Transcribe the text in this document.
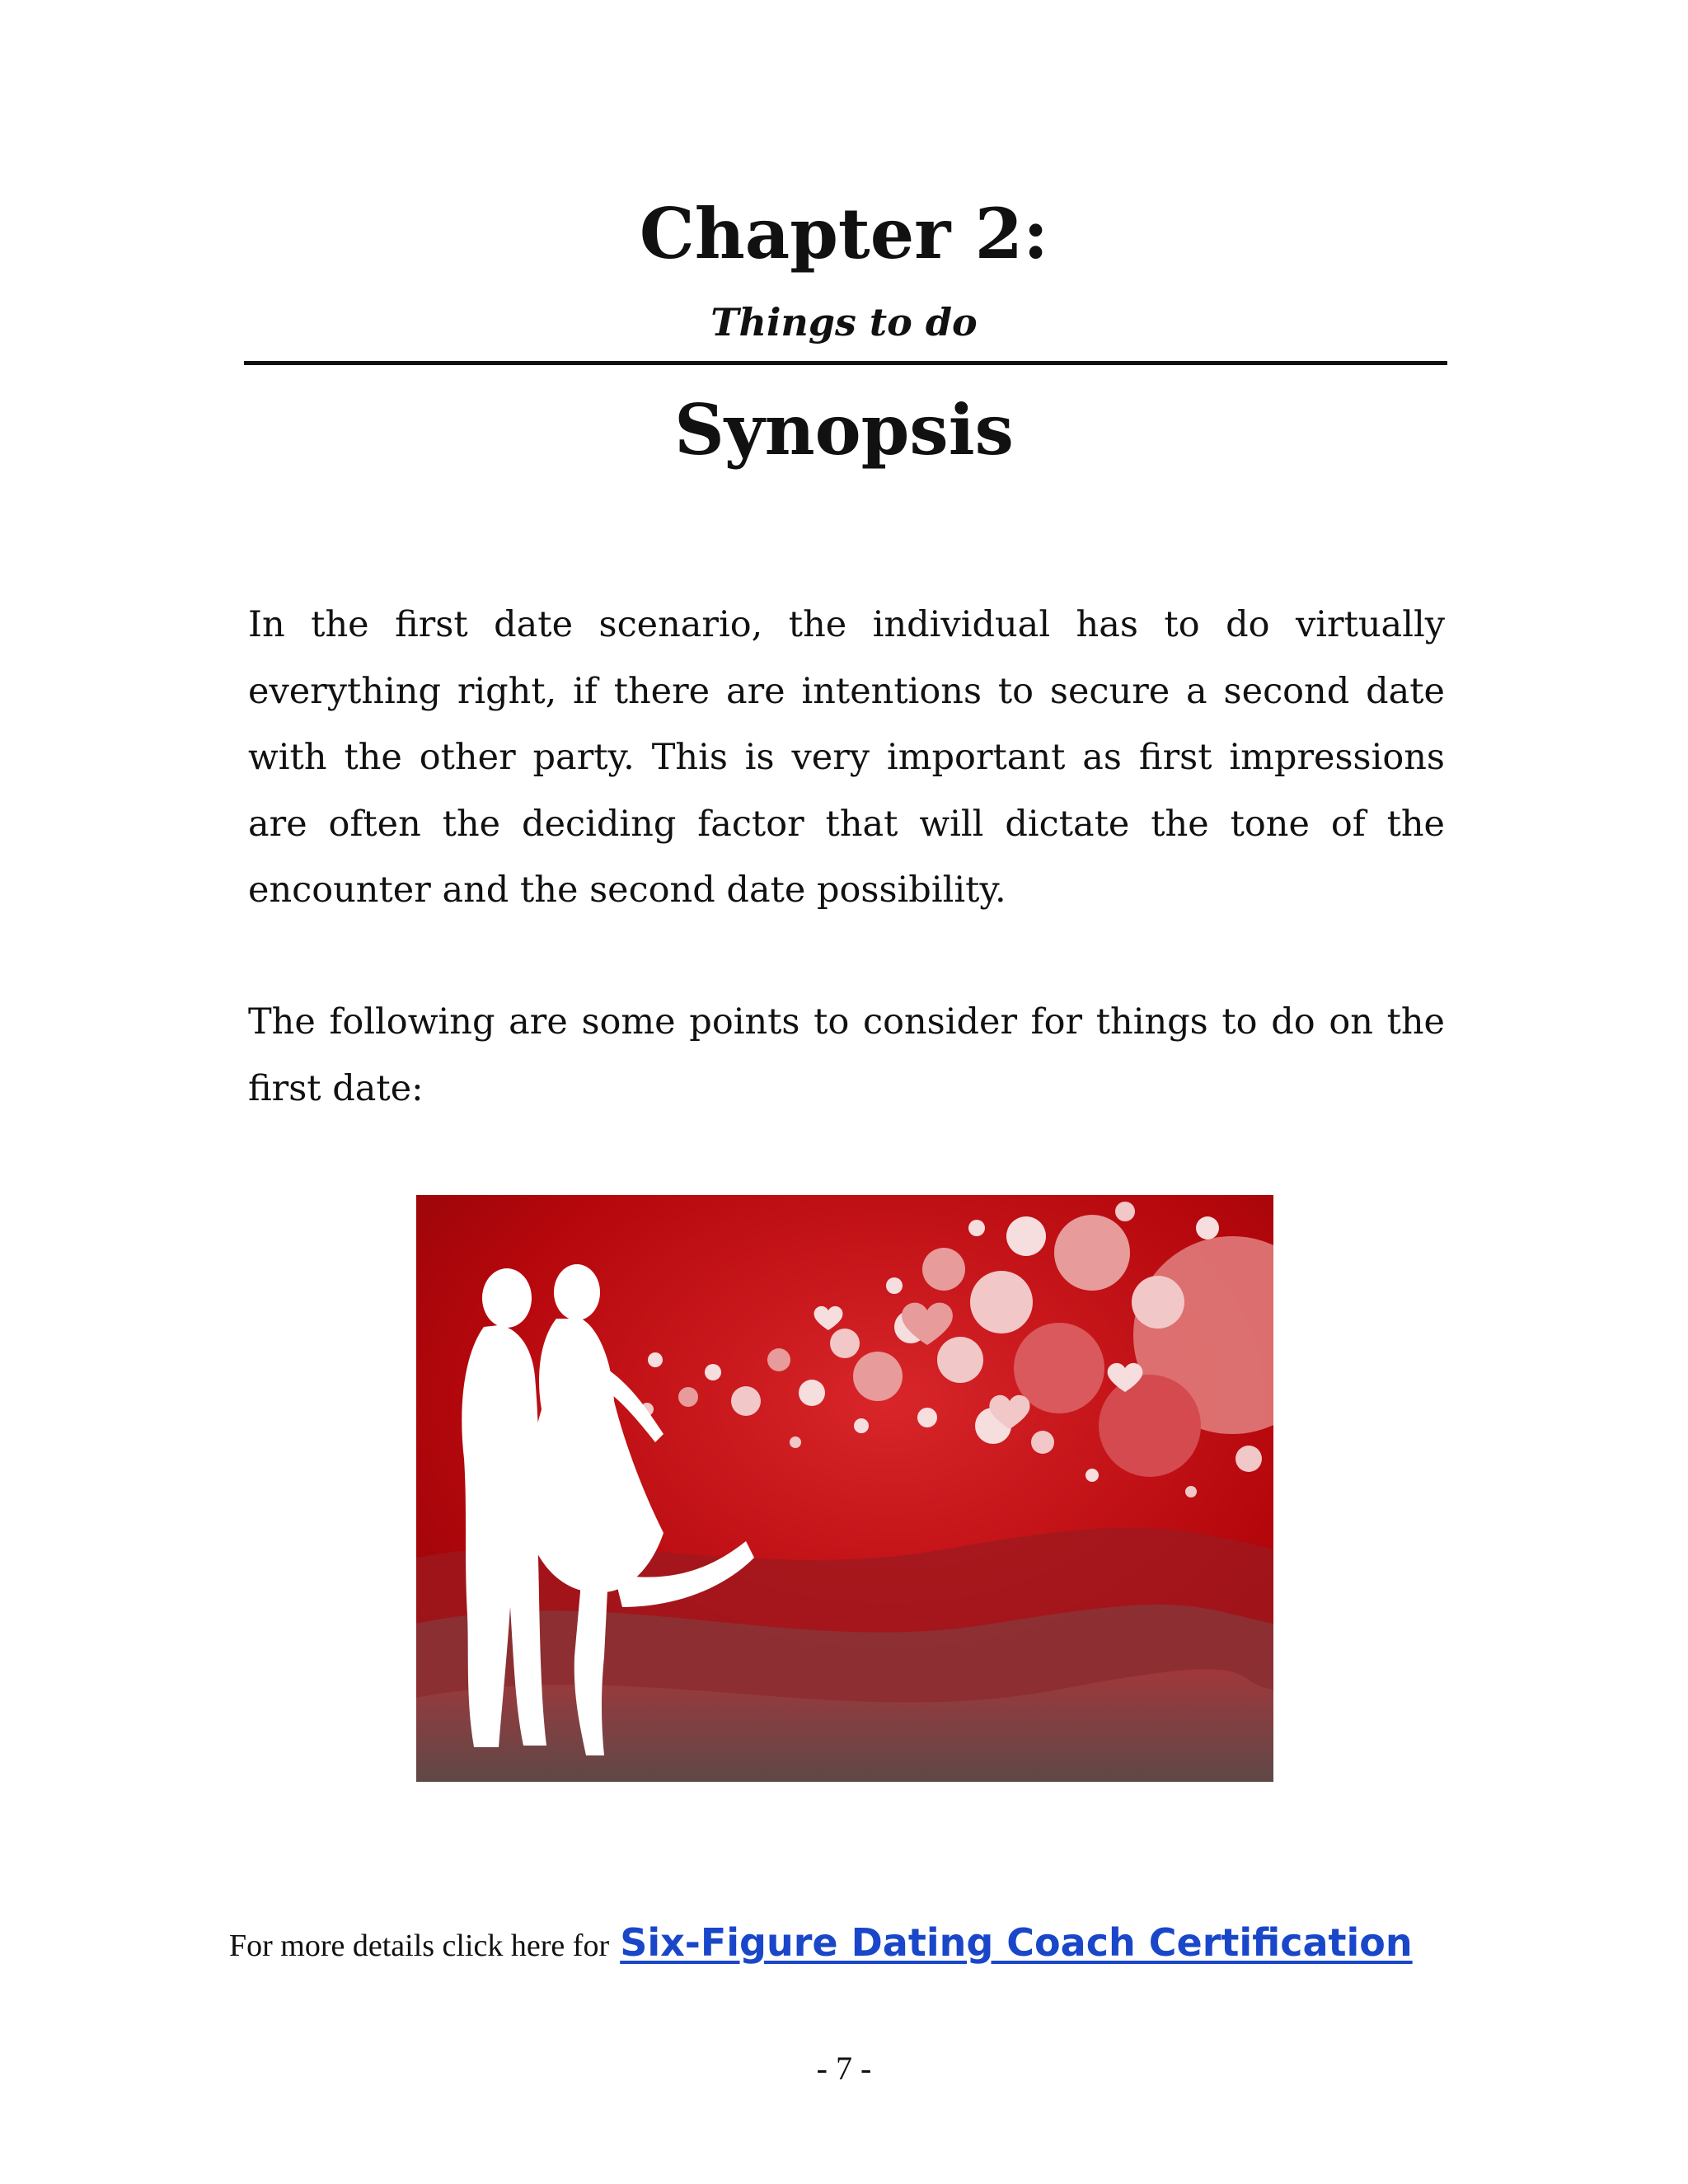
Chapter 2:
Things to do
Synopsis

In the first date scenario, the individual has to do virtually everything right, if there are intentions to secure a second date with the other party. This is very important as first impressions are often the deciding factor that will dictate the tone of the encounter and the second date possibility.

The following are some points to consider for things to do on the first date:

For more details click here for Six-Figure Dating Coach Certification
- 7 -
